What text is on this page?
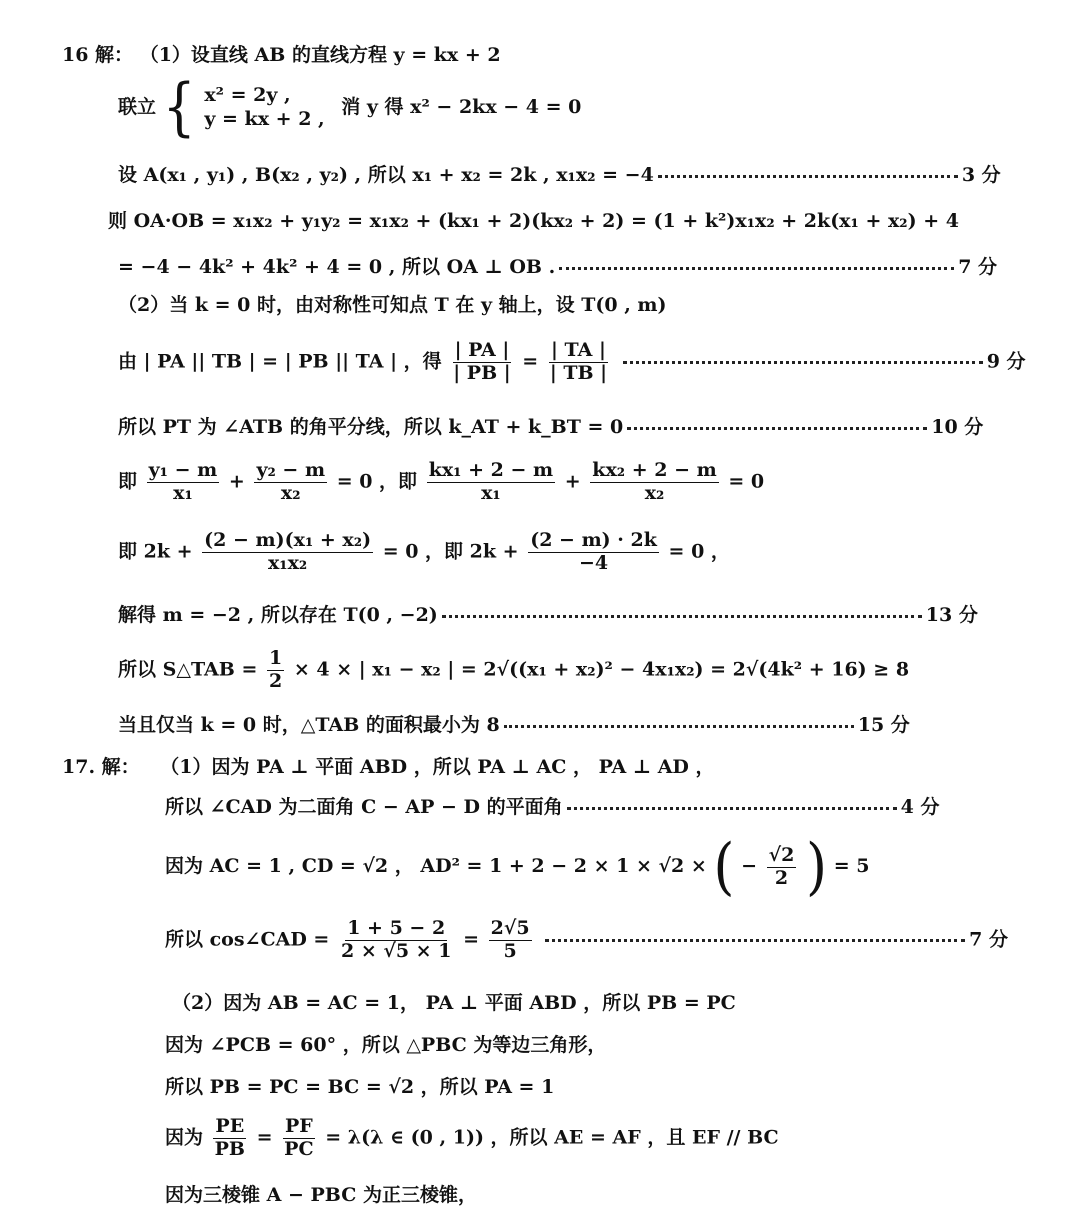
16 解： （1）设直线 AB 的直线方程 y = kx + 2
联立 { x² = 2y ,
y = kx + 2 ,
消 y 得 x² − 2kx − 4 = 0
设 A(x₁ , y₁) , B(x₂ , y₂) , 所以 x₁ + x₂ = 2k , x₁x₂ = −4	3 分
则 OA·OB = x₁x₂ + y₁y₂ = x₁x₂ + (kx₁ + 2)(kx₂ + 2) = (1 + k²)x₁x₂ + 2k(x₁ + x₂) + 4
= −4 − 4k² + 4k² + 4 = 0 , 所以 OA ⊥ OB .	7 分
（2）当 k = 0 时，由对称性可知点 T 在 y 轴上，设 T(0 , m)
由 | PA || TB | = | PB || TA | ，得 $\frac{| PA |}{| PB |} = \frac{| TA |}{| TB |}$	9 分
所以 PT 为 ∠ATB 的角平分线，所以 k_AT + k_BT = 0	10 分
即 $\frac{\text{y₁ − m}}{\text{x₁}} + \frac{\text{y₂ − m}}{\text{x₂}} = 0$ ，即 $\frac{\text{kx₁ + 2 − m}}{\text{x₁}} + \frac{\text{kx₂ + 2 − m}}{\text{x₂}} = 0$
即 $2k + \frac{\text{(2 − m)(x₁ + x₂)}}{\text{x₁x₂}} = 0$ ，即 $2k + \frac{(2 - m) \cdot 2k}{-4} = 0$ ，
解得 m = −2 , 所以存在 T(0 , −2)	13 分
所以 S△TAB = $\frac{1}{2} \times 4$ × | x₁ − x₂ | = 2√((x₁ + x₂)² − 4x₁x₂) = 2√(4k² + 16) ≥ 8
当且仅当 k = 0 时，△TAB 的面积最小为 8	15 分
17. 解： （1）因为 PA ⊥ 平面 ABD ，所以 PA ⊥ AC ， PA ⊥ AD ，
所以 ∠CAD 为二面角 C − AP − D 的平面角	4 分
因为 AC = 1 , CD = √2 ， AD² = 1 + 2 − 2 × 1 × √2 × ( − $\frac{√2}{2}$ ) = 5
所以 cos∠CAD = $\frac{1 + 5 - 2}{2 \times √5 \times 1} = \frac{2√5}{5}$	7 分
（2）因为 AB = AC = 1， PA ⊥ 平面 ABD ，所以 PB = PC
因为 ∠PCB = 60° ，所以 △PBC 为等边三角形，
所以 PB = PC = BC = √2 ，所以 PA = 1
因为 $\frac{PE}{PB} = \frac{PF}{PC} = \lambda(\lambda$ ∈ (0 , 1)) ，所以 AE = AF ，且 EF // BC
因为三棱锥 A − PBC 为正三棱锥，
